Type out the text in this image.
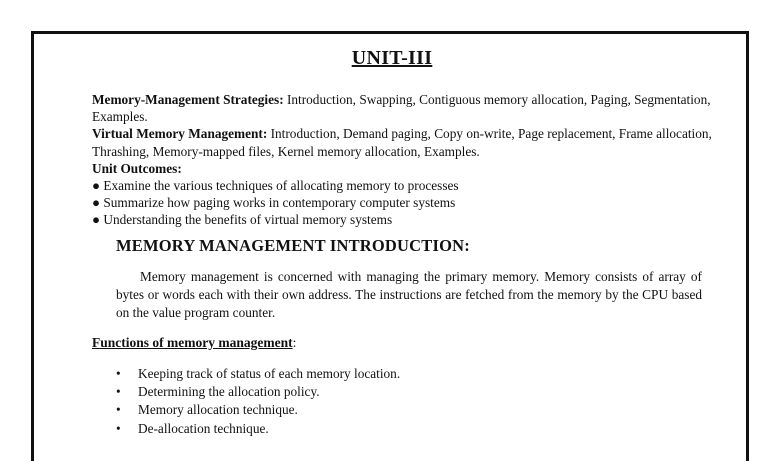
UNIT-III

Memory-Management Strategies: Introduction, Swapping, Contiguous memory allocation, Paging, Segmentation, Examples.

Virtual Memory Management: Introduction, Demand paging, Copy on-write, Page replacement, Frame allocation, Thrashing, Memory-mapped files, Kernel memory allocation, Examples.

Unit Outcomes:

● Examine the various techniques of allocating memory to processes

● Summarize how paging works in contemporary computer systems

● Understanding the benefits of virtual memory systems

MEMORY MANAGEMENT INTRODUCTION:

Memory management is concerned with managing the primary memory. Memory consists of array of bytes or words each with their own address. The instructions are fetched from the memory by the CPU based on the value program counter.

Functions of memory management:
• Keeping track of status of each memory location.
• Determining the allocation policy.
• Memory allocation technique.
• De-allocation technique.
